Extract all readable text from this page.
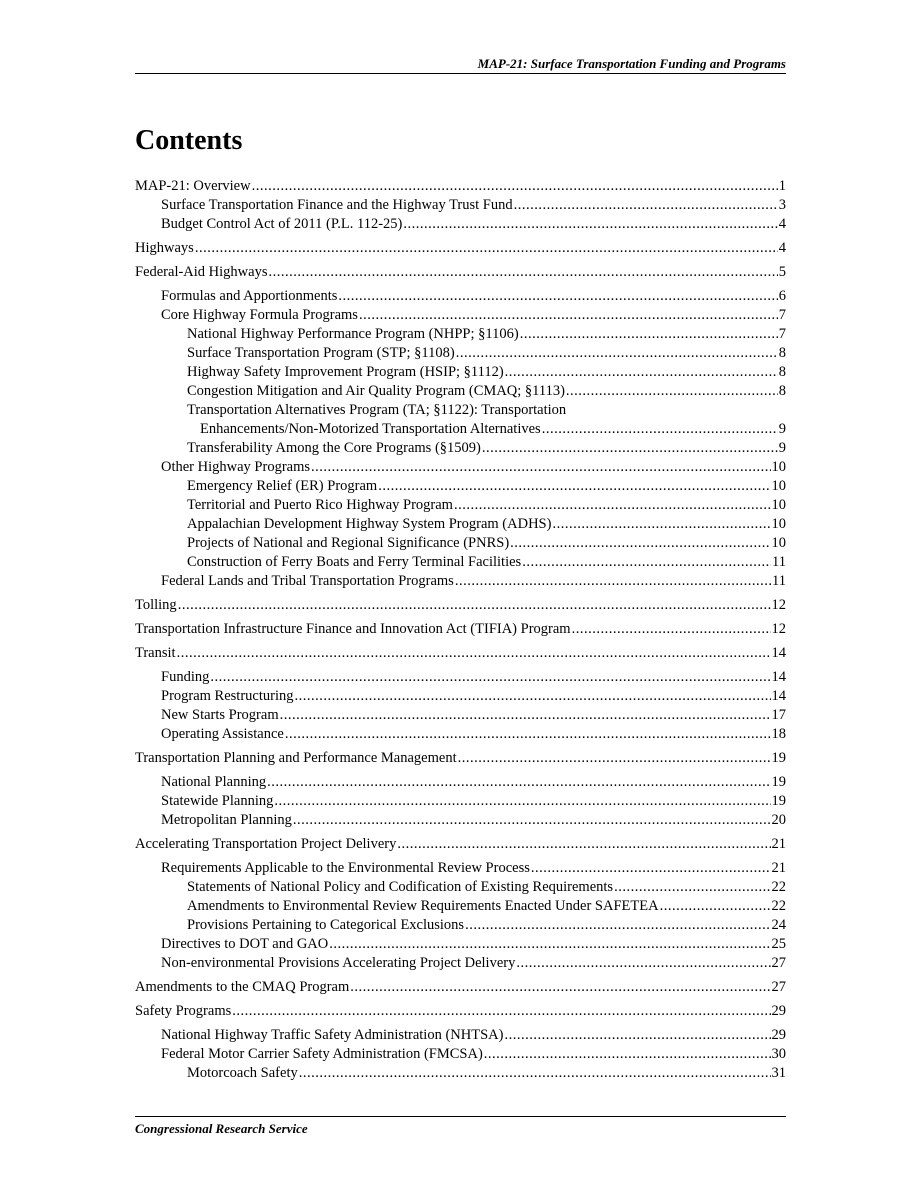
MAP-21: Surface Transportation Funding and Programs
Contents
MAP-21: Overview .....	1
Surface Transportation Finance and the Highway Trust Fund .....	3
Budget Control Act of 2011 (P.L. 112-25) .....	4
Highways .....	4
Federal-Aid Highways .....	5
Formulas and Apportionments .....	6
Core Highway Formula Programs .....	7
National Highway Performance Program (NHPP; §1106) .....	7
Surface Transportation Program (STP; §1108) .....	8
Highway Safety Improvement Program (HSIP; §1112) .....	8
Congestion Mitigation and Air Quality Program (CMAQ; §1113) .....	8
Transportation Alternatives Program (TA; §1122): Transportation
Enhancements/Non-Motorized Transportation Alternatives .....	9
Transferability Among the Core Programs (§1509) .....	9
Other Highway Programs .....	10
Emergency Relief (ER) Program .....	10
Territorial and Puerto Rico Highway Program .....	10
Appalachian Development Highway System Program (ADHS) .....	10
Projects of National and Regional Significance (PNRS) .....	10
Construction of Ferry Boats and Ferry Terminal Facilities .....	11
Federal Lands and Tribal Transportation Programs .....	11
Tolling .....	12
Transportation Infrastructure Finance and Innovation Act (TIFIA) Program .....	12
Transit .....	14
Funding .....	14
Program Restructuring .....	14
New Starts Program .....	17
Operating Assistance .....	18
Transportation Planning and Performance Management .....	19
National Planning .....	19
Statewide Planning .....	19
Metropolitan Planning .....	20
Accelerating Transportation Project Delivery .....	21
Requirements Applicable to the Environmental Review Process .....	21
Statements of National Policy and Codification of Existing Requirements .....	22
Amendments to Environmental Review Requirements Enacted Under SAFETEA .....	22
Provisions Pertaining to Categorical Exclusions .....	24
Directives to DOT and GAO .....	25
Non-environmental Provisions Accelerating Project Delivery .....	27
Amendments to the CMAQ Program .....	27
Safety Programs .....	29
National Highway Traffic Safety Administration (NHTSA) .....	29
Federal Motor Carrier Safety Administration (FMCSA) .....	30
Motorcoach Safety .....	31
Congressional Research Service
